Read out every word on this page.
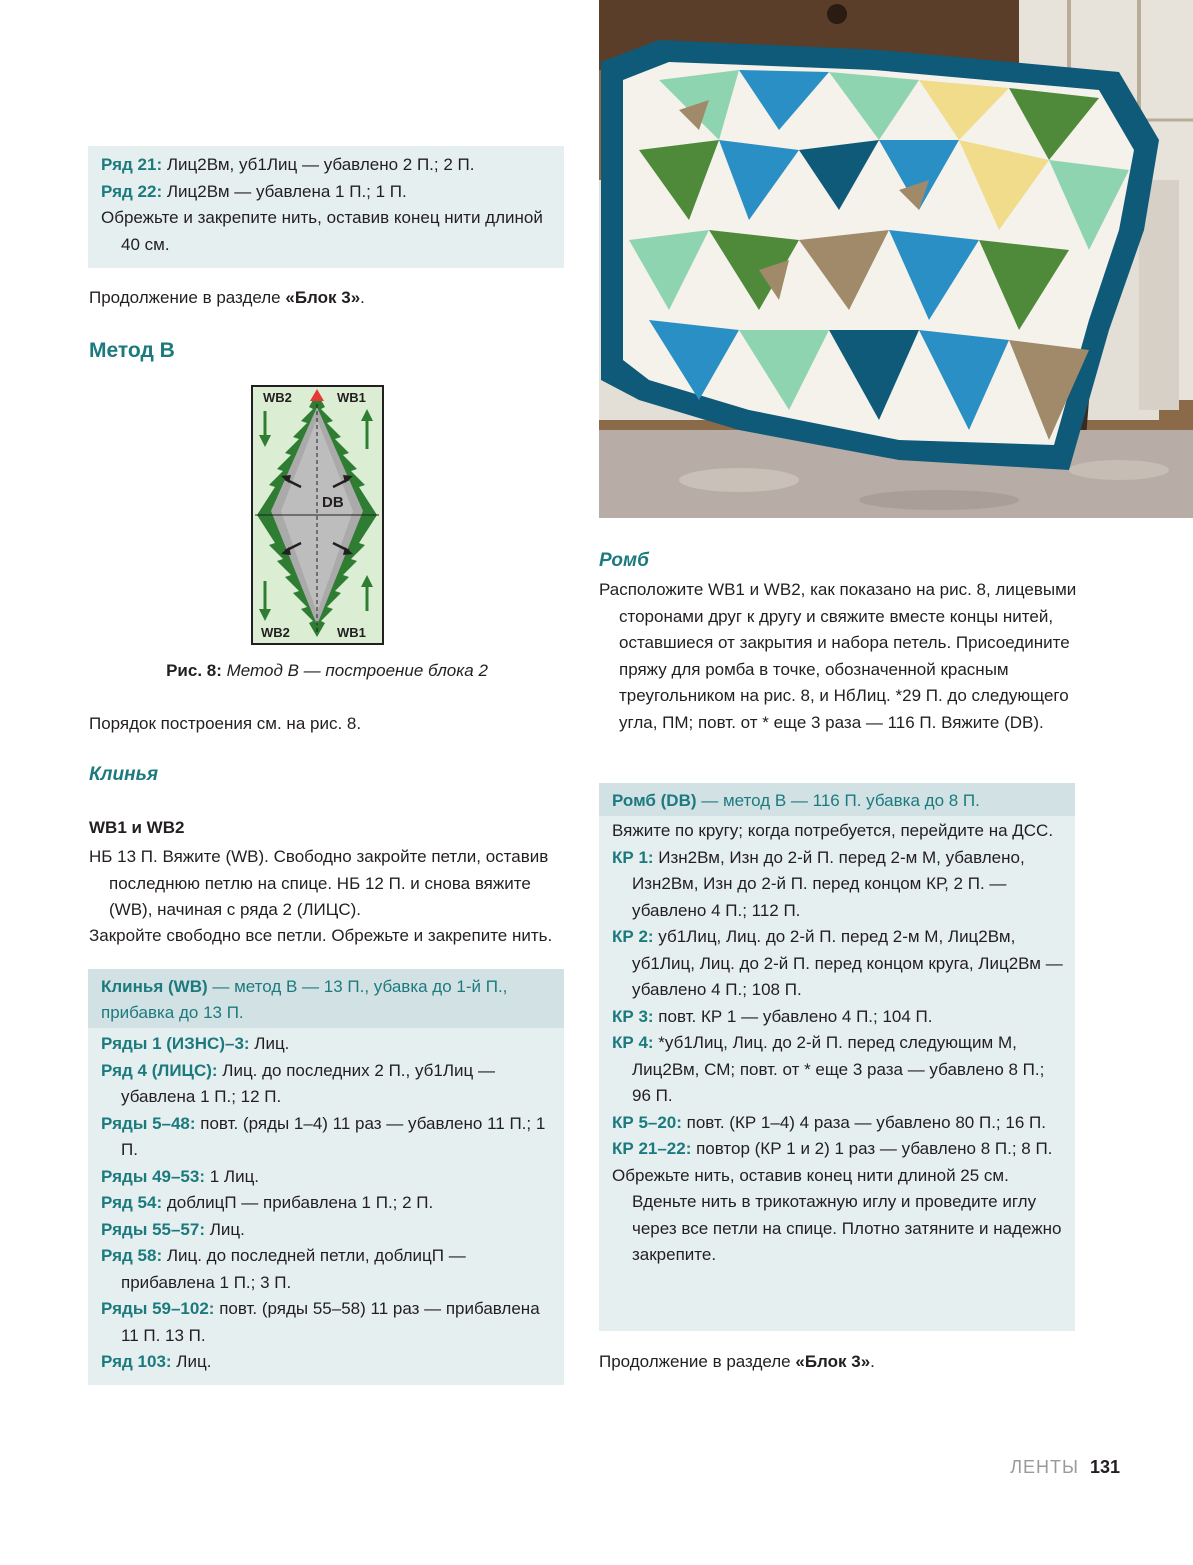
Ряд 21: Лиц2Вм, уб1Лиц — убавлено 2 П.; 2 П.

Ряд 22: Лиц2Вм — убавлена 1 П.; 1 П.

Обрежьте и закрепите нить, оставив конец нити длиной 40 см.

Продолжение в разделе «Блок 3».

Метод B
WB2	WB1
DB
WB2	WB1

Рис. 8: Метод B — построение блока 2

Порядок построения см. на рис. 8.

Клинья
WB1 и WB2

НБ 13 П. Вяжите (WB). Свободно закройте петли, оставив последнюю петлю на спице. НБ 12 П. и снова вяжите (WB), начиная с ряда 2 (ЛИЦС).

Закройте свободно все петли. Обрежьте и закрепите нить.

Клинья (WB) — метод B — 13 П., убавка до 1-й П., прибавка до 13 П.

Ряды 1 (ИЗНС)–3: Лиц.

Ряд 4 (ЛИЦС): Лиц. до последних 2 П., уб1Лиц — убавлена 1 П.; 12 П.

Ряды 5–48: повт. (ряды 1–4) 11 раз — убавлено 11 П.; 1 П.

Ряды 49–53: 1 Лиц.

Ряд 54: доблицП — прибавлена 1 П.; 2 П.

Ряды 55–57: Лиц.

Ряд 58: Лиц. до последней петли, доблицП — прибавлена 1 П.; 3 П.

Ряды 59–102: повт. (ряды 55–58) 11 раз — прибавлена 11 П. 13 П.

Ряд 103: Лиц.

Ромб

Расположите WB1 и WB2, как показано на рис. 8, лицевыми сторонами друг к другу и свяжите вместе концы нитей, оставшиеся от закрытия и набора петель. Присоедините пряжу для ромба в точке, обозначенной красным треугольником на рис. 8, и НбЛиц. *29 П. до следующего угла, ПМ; повт. от * еще 3 раза — 116 П. Вяжите (DB).

Ромб (DB) — метод B — 116 П. убавка до 8 П.

Вяжите по кругу; когда потребуется, перейдите на ДСС.

КР 1: Изн2Вм, Изн до 2-й П. перед 2-м М, убавлено, Изн2Вм, Изн до 2-й П. перед концом КР, 2 П. — убавлено 4 П.; 112 П.

КР 2: уб1Лиц, Лиц. до 2-й П. перед 2-м М, Лиц2Вм, уб1Лиц, Лиц. до 2-й П. перед концом круга, Лиц2Вм — убавлено 4 П.; 108 П.

КР 3: повт. КР 1 — убавлено 4 П.; 104 П.

КР 4: *уб1Лиц, Лиц. до 2-й П. перед следующим М, Лиц2Вм, СМ; повт. от * еще 3 раза — убавлено 8 П.; 96 П.

КР 5–20: повт. (КР 1–4) 4 раза — убавлено 80 П.; 16 П.

КР 21–22: повтор (КР 1 и 2) 1 раз — убавлено 8 П.; 8 П.

Обрежьте нить, оставив конец нити длиной 25 см. Вденьте нить в трикотажную иглу и проведите иглу через все петли на спице. Плотно затяните и надежно закрепите.

Продолжение в разделе «Блок 3».

ЛЕНТЫ 131
